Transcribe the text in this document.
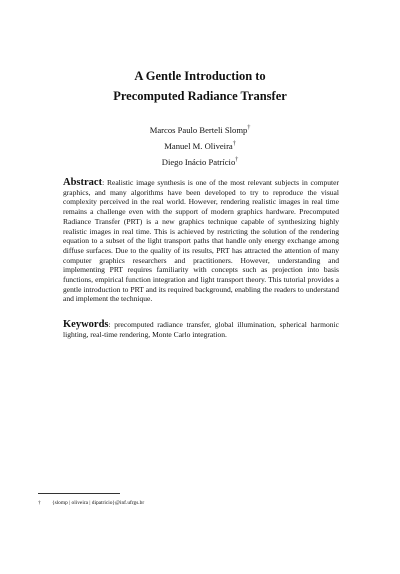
A Gentle Introduction to
Precomputed Radiance Transfer
Marcos Paulo Berteli Slomp†
Manuel M. Oliveira†
Diego Inácio Patrício†
Abstract: Realistic image synthesis is one of the most relevant subjects in computer graphics, and many algorithms have been developed to try to reproduce the visual complexity perceived in the real world. However, rendering realistic images in real time remains a challenge even with the support of modern graphics hardware. Precomputed Radiance Transfer (PRT) is a new graphics technique capable of synthesizing highly realistic images in real time. This is achieved by restricting the solution of the rendering equation to a subset of the light transport paths that handle only energy exchange among diffuse surfaces. Due to the quality of its results, PRT has attracted the attention of many computer graphics researchers and practitioners. However, understanding and implementing PRT requires familiarity with concepts such as projection into basis functions, empirical function integration and light transport theory. This tutorial provides a gentle introduction to PRT and its required background, enabling the readers to understand and implement the technique.
Keywords: precomputed radiance transfer, global illumination, spherical harmonic lighting, real-time rendering, Monte Carlo integration.
† {slomp | oliveira | dipatricio}@inf.ufrgs.br
